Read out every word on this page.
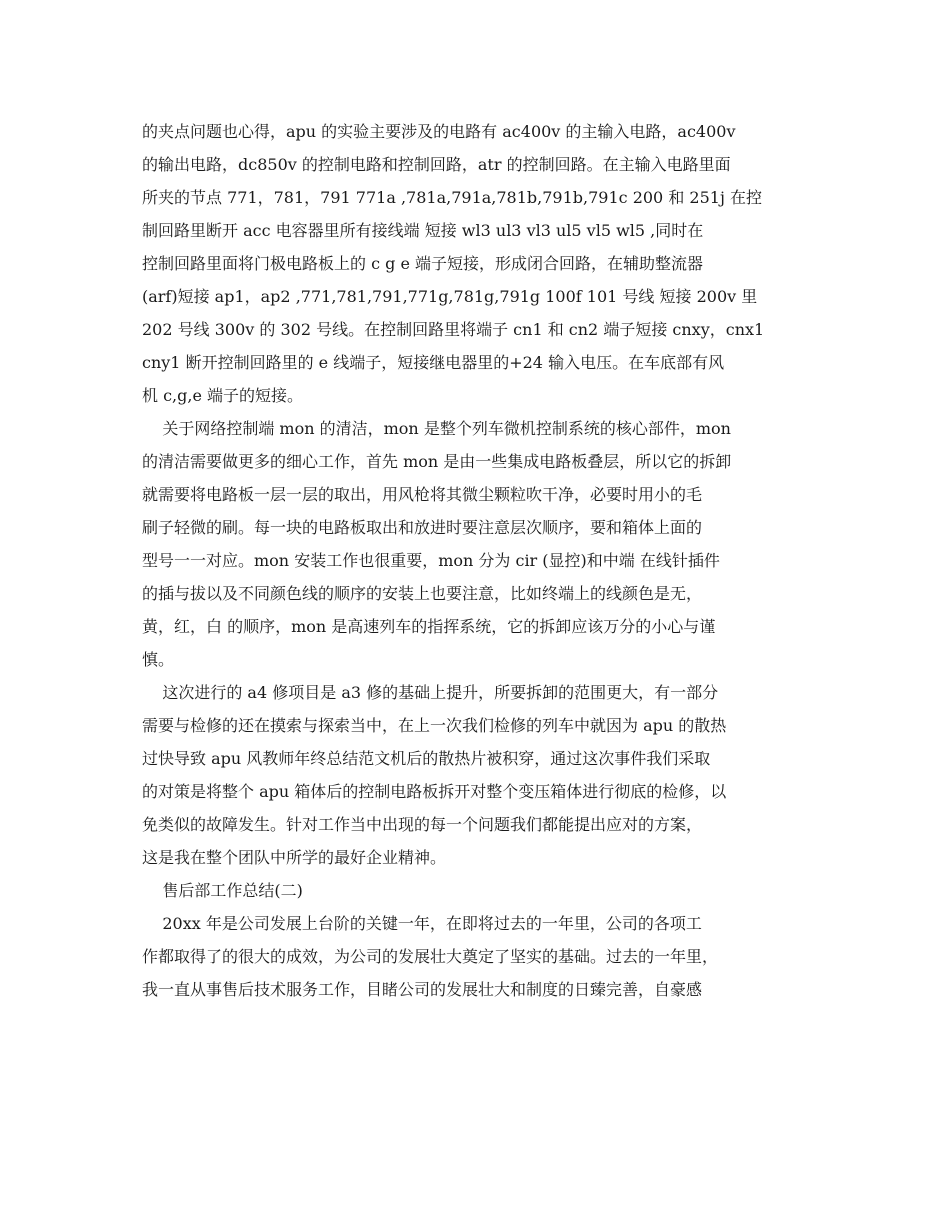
的夹点问题也心得，apu 的实验主要涉及的电路有 ac400v 的主输入电路，ac400v
的输出电路，dc850v 的控制电路和控制回路，atr 的控制回路。在主输入电路里面
所夹的节点 771，781，791 771a ,781a,791a,781b,791b,791c 200 和 251j 在控
制回路里断开 acc 电容器里所有接线端 短接 wl3 ul3 vl3 ul5 vl5 wl5 ,同时在
控制回路里面将门极电路板上的 c g e 端子短接，形成闭合回路，在辅助整流器
(arf)短接 ap1，ap2 ,771,781,791,771g,781g,791g 100f 101 号线 短接 200v 里
202 号线 300v 的 302 号线。在控制回路里将端子 cn1 和 cn2 端子短接 cnxy，cnx1
cny1 断开控制回路里的 e 线端子，短接继电器里的+24 输入电压。在车底部有风
机 c,g,e 端子的短接。
关于网络控制端 mon 的清洁，mon 是整个列车微机控制系统的核心部件，mon
的清洁需要做更多的细心工作，首先 mon 是由一些集成电路板叠层，所以它的拆卸
就需要将电路板一层一层的取出，用风枪将其微尘颗粒吹干净，必要时用小的毛
刷子轻微的刷。每一块的电路板取出和放进时要注意层次顺序，要和箱体上面的
型号一一对应。mon 安装工作也很重要，mon 分为 cir (显控)和中端 在线针插件
的插与拔以及不同颜色线的顺序的安装上也要注意，比如终端上的线颜色是无，
黄，红，白 的顺序，mon 是高速列车的指挥系统，它的拆卸应该万分的小心与谨
慎。
这次进行的 a4 修项目是 a3 修的基础上提升，所要拆卸的范围更大，有一部分
需要与检修的还在摸索与探索当中，在上一次我们检修的列车中就因为 apu 的散热
过快导致 apu 风教师年终总结范文机后的散热片被积穿，通过这次事件我们采取
的对策是将整个 apu 箱体后的控制电路板拆开对整个变压箱体进行彻底的检修，以
免类似的故障发生。针对工作当中出现的每一个问题我们都能提出应对的方案，
这是我在整个团队中所学的最好企业精神。
售后部工作总结(二)
20xx 年是公司发展上台阶的关键一年，在即将过去的一年里，公司的各项工
作都取得了的很大的成效，为公司的发展壮大奠定了坚实的基础。过去的一年里，
我一直从事售后技术服务工作，目睹公司的发展壮大和制度的日臻完善，自豪感
